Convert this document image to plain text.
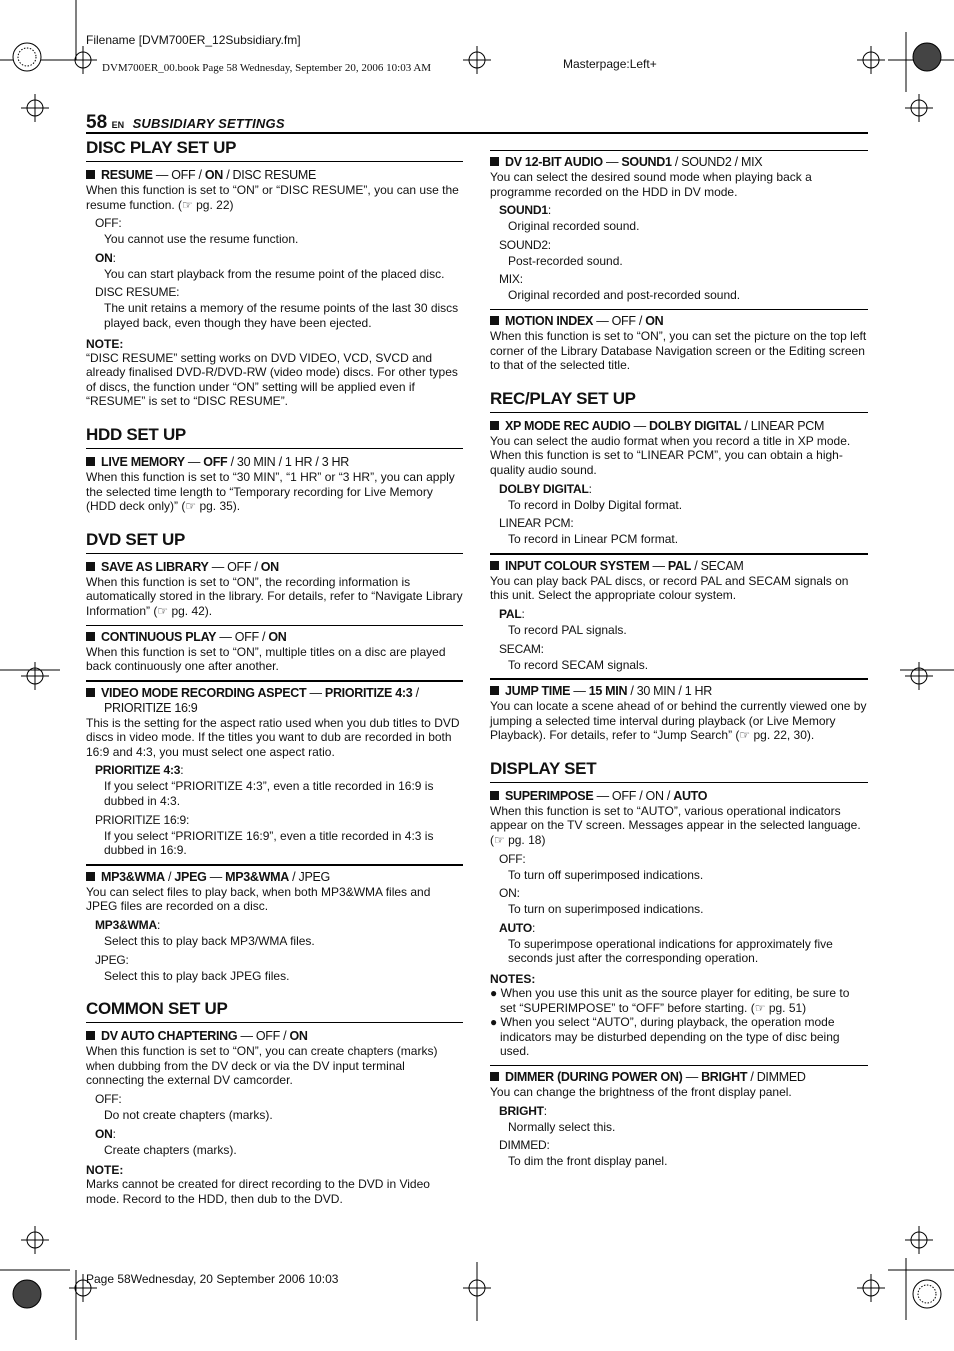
Filename [DVM700ER_12Subsidiary.fm]
DVM700ER_00.book Page 58 Wednesday, September 20, 2006 10:03 AM	Masterpage:Left+
58 EN SUBSIDIARY SETTINGS
DISC PLAY SET UP
RESUME — OFF / ON / DISC RESUME

When this function is set to “ON” or “DISC RESUME”, you can use the resume function. (☞ pg. 22)

OFF:
You cannot use the resume function.
ON:
You can start playback from the resume point of the placed disc.
DISC RESUME:
The unit retains a memory of the resume points of the last 30 discs played back, even though they have been ejected.
NOTE:

“DISC RESUME” setting works on DVD VIDEO, VCD, SVCD and already finalised DVD-R/DVD-RW (video mode) discs. For other types of discs, the function under “ON” setting will be applied even if “RESUME” is set to “DISC RESUME”.

HDD SET UP
LIVE MEMORY — OFF / 30 MIN / 1 HR / 3 HR

When this function is set to “30 MIN”, “1 HR” or “3 HR”, you can apply the selected time length to “Temporary recording for Live Memory (HDD deck only)” (☞ pg. 35).

DVD SET UP
SAVE AS LIBRARY — OFF / ON

When this function is set to “ON”, the recording information is automatically stored in the library. For details, refer to “Navigate Library Information” (☞ pg. 42).

CONTINUOUS PLAY — OFF / ON

When this function is set to “ON”, multiple titles on a disc are played back continuously one after another.

VIDEO MODE RECORDING ASPECT — PRIORITIZE 4:3 /
PRIORITIZE 16:9

This is the setting for the aspect ratio used when you dub titles to DVD discs in video mode. If the titles you want to dub are recorded in both 16:9 and 4:3, you must select one aspect ratio.

PRIORITIZE 4:3:
If you select “PRIORITIZE 4:3”, even a title recorded in 16:9 is dubbed in 4:3.
PRIORITIZE 16:9:
If you select “PRIORITIZE 16:9”, even a title recorded in 4:3 is dubbed in 16:9.
MP3&WMA / JPEG — MP3&WMA / JPEG

You can select files to play back, when both MP3&WMA files and JPEG files are recorded on a disc.

MP3&WMA:
Select this to play back MP3/WMA files.
JPEG:
Select this to play back JPEG files.
COMMON SET UP
DV AUTO CHAPTERING — OFF / ON

When this function is set to “ON”, you can create chapters (marks) when dubbing from the DV deck or via the DV input terminal connecting the external DV camcorder.

OFF:
Do not create chapters (marks).
ON:
Create chapters (marks).
NOTE:

Marks cannot be created for direct recording to the DVD in Video mode. Record to the HDD, then dub to the DVD.

DV 12-BIT AUDIO — SOUND1 / SOUND2 / MIX

You can select the desired sound mode when playing back a programme recorded on the HDD in DV mode.

SOUND1:
Original recorded sound.
SOUND2:
Post-recorded sound.
MIX:
Original recorded and post-recorded sound.
MOTION INDEX — OFF / ON

When this function is set to “ON”, you can set the picture on the top left corner of the Library Database Navigation screen or the Editing screen to that of the selected title.

REC/PLAY SET UP
XP MODE REC AUDIO — DOLBY DIGITAL / LINEAR PCM

You can select the audio format when you record a title in XP mode. When this function is set to “LINEAR PCM”, you can obtain a high-quality audio sound.

DOLBY DIGITAL:
To record in Dolby Digital format.
LINEAR PCM:
To record in Linear PCM format.
INPUT COLOUR SYSTEM — PAL / SECAM

You can play back PAL discs, or record PAL and SECAM signals on this unit. Select the appropriate colour system.

PAL:
To record PAL signals.
SECAM:
To record SECAM signals.
JUMP TIME — 15 MIN / 30 MIN / 1 HR

You can locate a scene ahead of or behind the currently viewed one by jumping a selected time interval during playback (or Live Memory Playback). For details, refer to “Jump Search” (☞ pg. 22, 30).

DISPLAY SET
SUPERIMPOSE — OFF / ON / AUTO

When this function is set to “AUTO”, various operational indicators appear on the TV screen. Messages appear in the selected language. (☞ pg. 18)

OFF:
To turn off superimposed indications.
ON:
To turn on superimposed indications.
AUTO:
To superimpose operational indications for approximately five seconds just after the corresponding operation.
NOTES:

● When you use this unit as the source player for editing, be sure to set “SUPERIMPOSE” to “OFF” before starting. (☞ pg. 51)

● When you select “AUTO”, during playback, the operation mode indicators may be disturbed depending on the type of disc being used.

DIMMER (DURING POWER ON) — BRIGHT / DIMMED

You can change the brightness of the front display panel.

BRIGHT:
Normally select this.
DIMMED:
To dim the front display panel.
Page 58Wednesday, 20 September 2006 10:03
